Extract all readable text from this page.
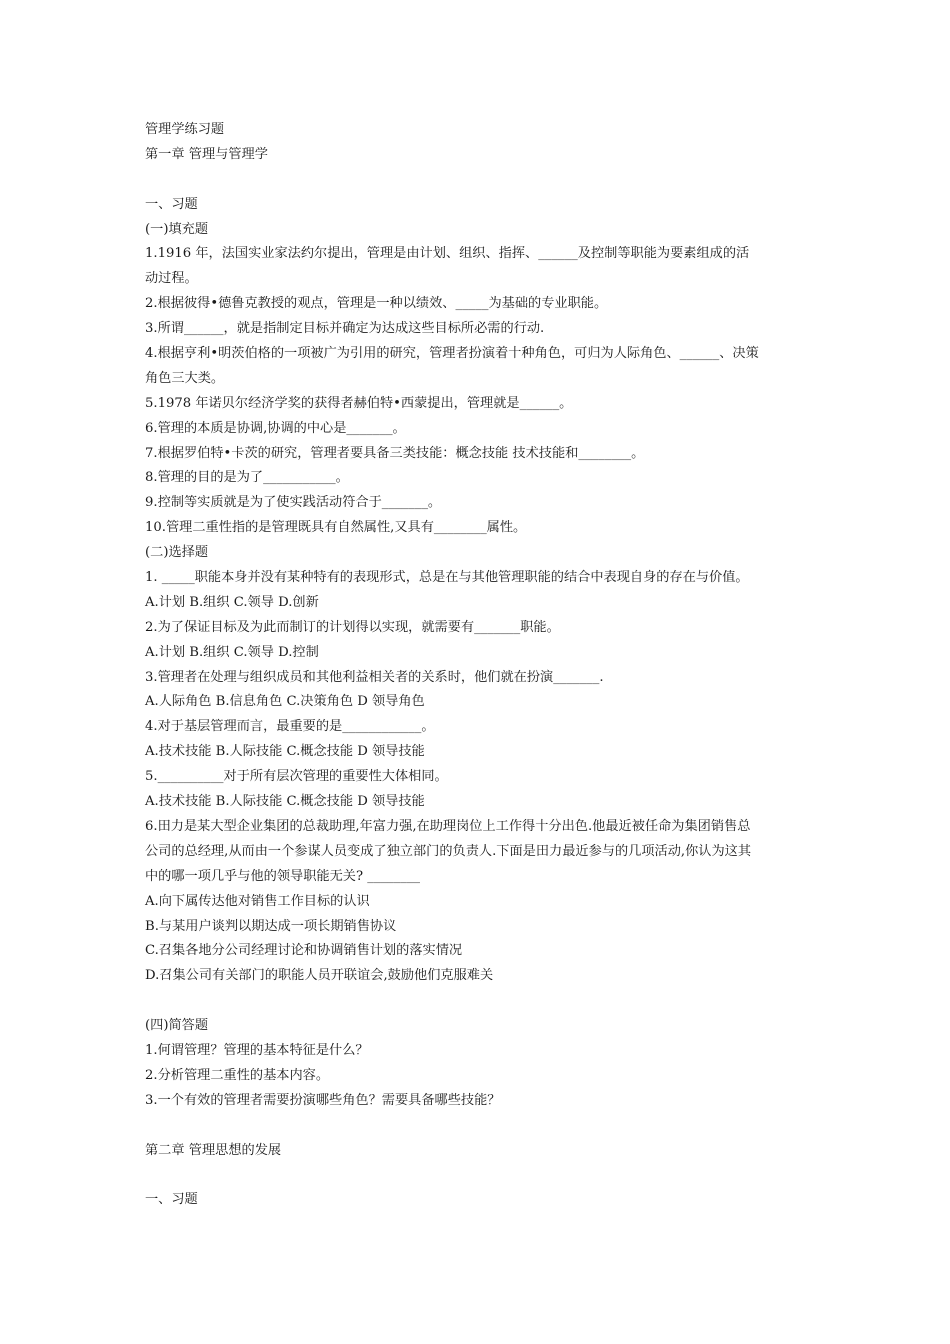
管理学练习题
第一章 管理与管理学
一、习题
(一)填充题
1.1916 年，法国实业家法约尔提出，管理是由计划、组织、指挥、______及控制等职能为要素组成的活
动过程。
2.根据彼得•德鲁克教授的观点，管理是一种以绩效、_____为基础的专业职能。
3.所谓______，就是指制定目标并确定为达成这些目标所必需的行动.
4.根据亨利•明茨伯格的一项被广为引用的研究，管理者扮演着十种角色，可归为人际角色、______、决策
角色三大类。
5.1978 年诺贝尔经济学奖的获得者赫伯特•西蒙提出，管理就是______。
6.管理的本质是协调,协调的中心是_______。
7.根据罗伯特•卡茨的研究，管理者要具备三类技能：概念技能 技术技能和________。
8.管理的目的是为了___________。
9.控制等实质就是为了使实践活动符合于_______。
10.管理二重性指的是管理既具有自然属性,又具有________属性。
(二)选择题
1. _____职能本身并没有某种特有的表现形式，总是在与其他管理职能的结合中表现自身的存在与价值。
A.计划 B.组织 C.领导 D.创新
2.为了保证目标及为此而制订的计划得以实现，就需要有_______职能。
A.计划 B.组织 C.领导 D.控制
3.管理者在处理与组织成员和其他利益相关者的关系时，他们就在扮演_______.
A.人际角色 B.信息角色 C.决策角色 D 领导角色
4.对于基层管理而言，最重要的是____________。
A.技术技能 B.人际技能 C.概念技能 D 领导技能
5.__________对于所有层次管理的重要性大体相同。
A.技术技能 B.人际技能 C.概念技能 D 领导技能
6.田力是某大型企业集团的总裁助理,年富力强,在助理岗位上工作得十分出色.他最近被任命为集团销售总
公司的总经理,从而由一个参谋人员变成了独立部门的负责人.下面是田力最近参与的几项活动,你认为这其
中的哪一项几乎与他的领导职能无关? ________
A.向下属传达他对销售工作目标的认识
B.与某用户谈判以期达成一项长期销售协议
C.召集各地分公司经理讨论和协调销售计划的落实情况
D.召集公司有关部门的职能人员开联谊会,鼓励他们克服难关
(四)简答题
1.何谓管理？管理的基本特征是什么？
2.分析管理二重性的基本内容。
3.一个有效的管理者需要扮演哪些角色？需要具备哪些技能？
第二章 管理思想的发展
一、习题
